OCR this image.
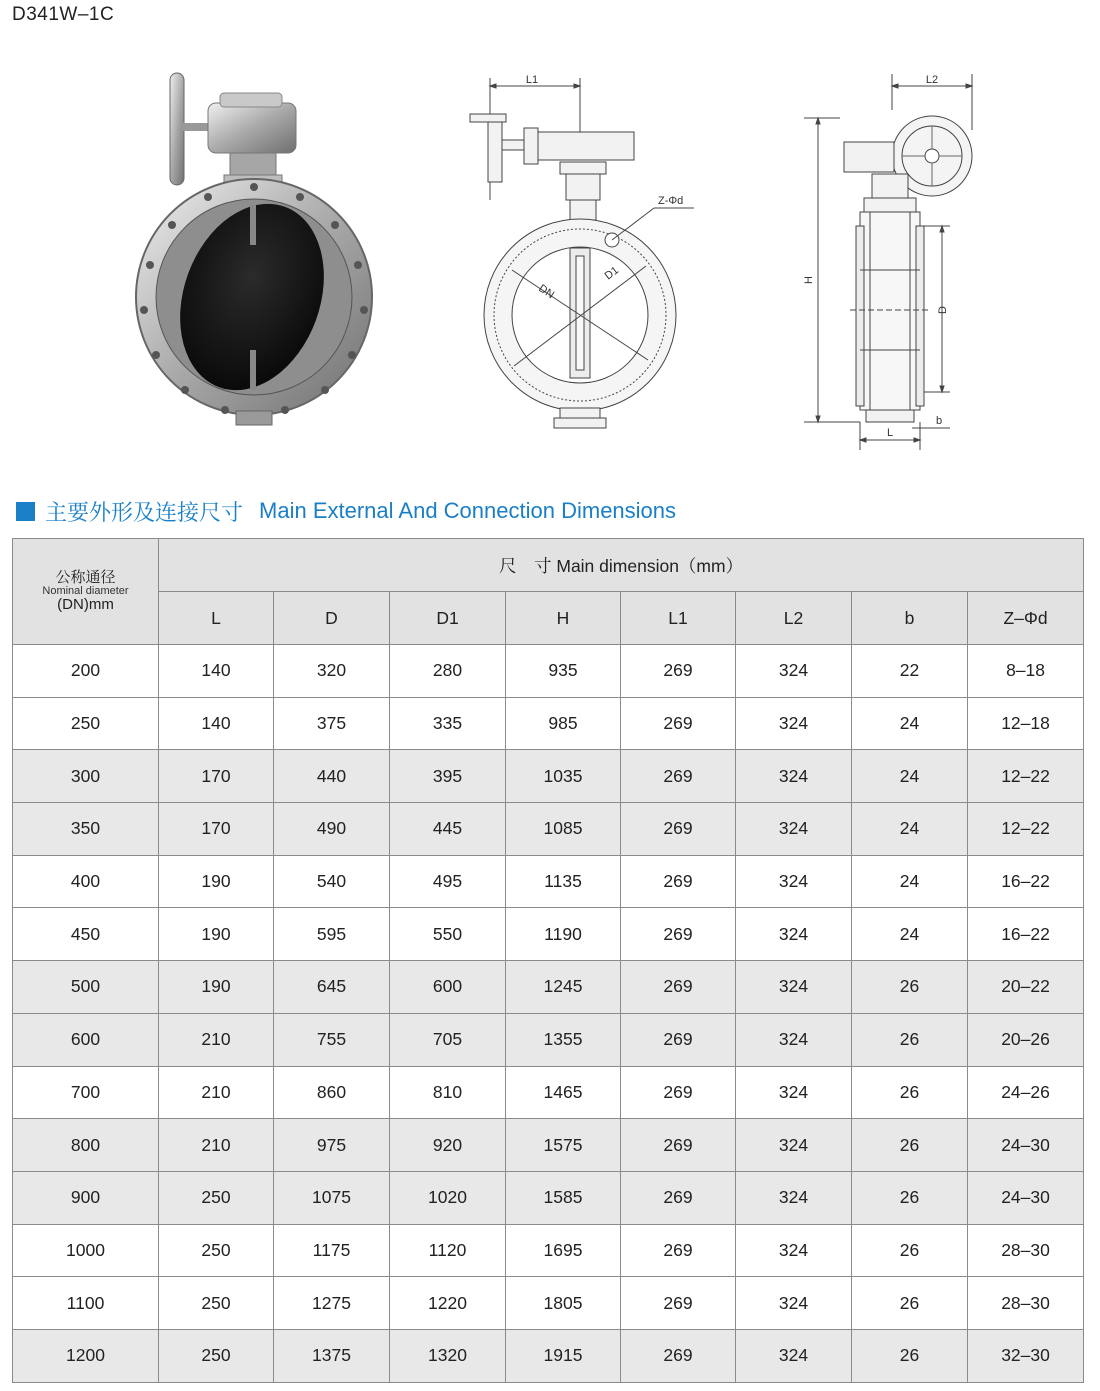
D341W–1C
L1
Z-Φd
DN
D1
L2
H
D
L
b
主要外形及连接尺寸 Main External And Connection Dimensions
公称通径
Nominal diameter
(DN)mm	尺　寸 Main dimension（mm）							
	L	D	D1	H	L1	L2	b	Z–Φd
200	140	320	280	935	269	324	22	8–18
250	140	375	335	985	269	324	24	12–18
300	170	440	395	1035	269	324	24	12–22
350	170	490	445	1085	269	324	24	12–22
400	190	540	495	1135	269	324	24	16–22
450	190	595	550	1190	269	324	24	16–22
500	190	645	600	1245	269	324	26	20–22
600	210	755	705	1355	269	324	26	20–26
700	210	860	810	1465	269	324	26	24–26
800	210	975	920	1575	269	324	26	24–30
900	250	1075	1020	1585	269	324	26	24–30
1000	250	1175	1120	1695	269	324	26	28–30
1100	250	1275	1220	1805	269	324	26	28–30
1200	250	1375	1320	1915	269	324	26	32–30
